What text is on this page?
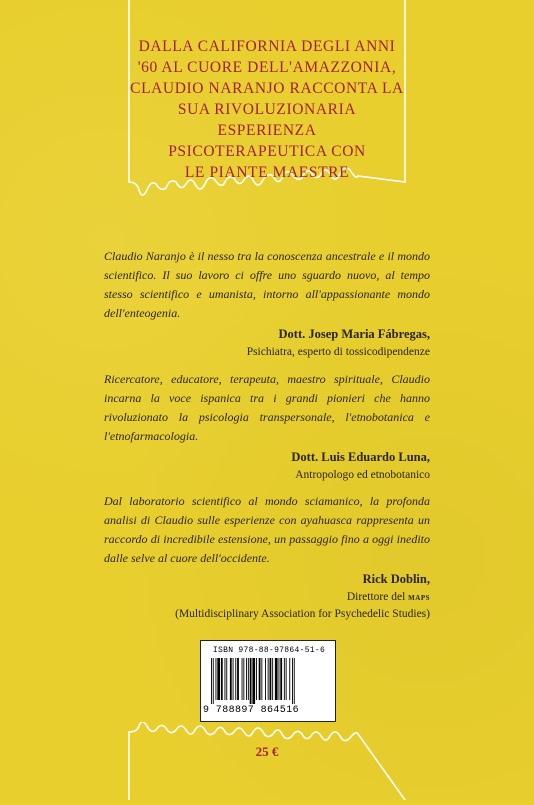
DALLA CALIFORNIA DEGLI ANNI
'60 AL CUORE DELL'AMAZZONIA,
CLAUDIO NARANJO RACCONTA LA
SUA RIVOLUZIONARIA ESPERIENZA
PSICOTERAPEUTICA CON
LE PIANTE MAESTRE

Claudio Naranjo è il nesso tra la conoscenza ancestrale e il mondo scientifico. Il suo lavoro ci offre uno sguardo nuovo, al tempo stesso scientifico e umanista, intorno all'appassionante mondo dell'enteogenia.

Dott. Josep Maria Fábregas,
Psichiatra, esperto di tossicodipendenze

Ricercatore, educatore, terapeuta, maestro spirituale, Claudio incarna la voce ispanica tra i grandi pionieri che hanno rivoluzionato la psicologia transpersonale, l'etnobotanica e l'etnofarmacologia.

Dott. Luis Eduardo Luna,
Antropologo ed etnobotanico

Dal laboratorio scientifico al mondo sciamanico, la profonda analisi di Claudio sulle esperienze con ayahuasca rappresenta un raccordo di incredibile estensione, un passaggio fino a oggi inedito dalle selve al cuore dell'occidente.

Rick Doblin,
Direttore del maps
(Multidisciplinary Association for Psychedelic Studies)
ISBN 978-88-97864-51-6
9 788897 864516
25 €
